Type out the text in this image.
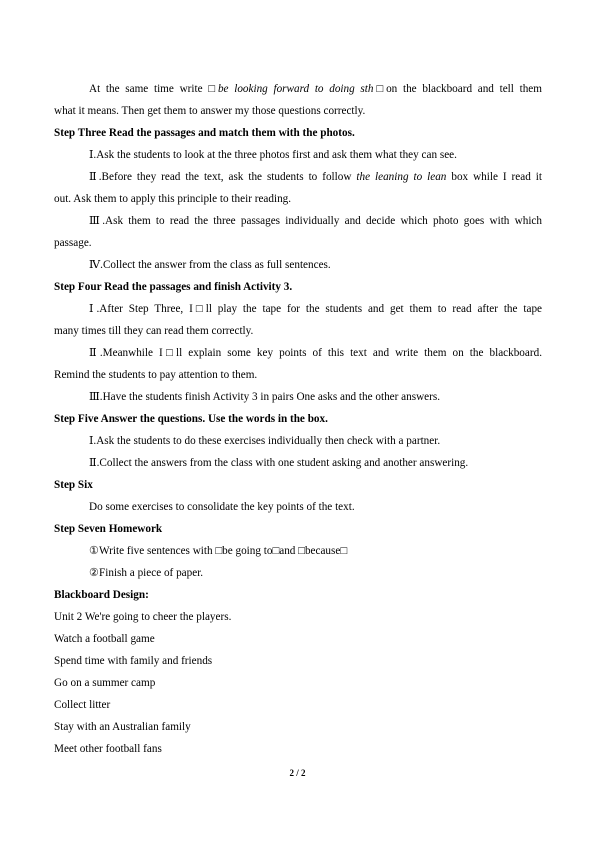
At the same time write □be looking forward to doing sth□on the blackboard and tell them
what it means. Then get them to answer my those questions correctly.
Step Three Read the passages and match them with the photos.
Ⅰ.Ask the students to look at the three photos first and ask them what they can see.
Ⅱ.Before they read the text, ask the students to follow the leaning to lean box while I read it
out. Ask them to apply this principle to their reading.
Ⅲ.Ask them to read the three passages individually and decide which photo goes with which
passage.
Ⅳ.Collect the answer from the class as full sentences.
Step Four Read the passages and finish Activity 3.
Ⅰ.After Step Three, I□ll play the tape for the students and get them to read after the tape
many times till they can read them correctly.
Ⅱ.Meanwhile I□ll explain some key points of this text and write them on the blackboard.
Remind the students to pay attention to them.
Ⅲ.Have the students finish Activity 3 in pairs One asks and the other answers.
Step Five Answer the questions. Use the words in the box.
Ⅰ.Ask the students to do these exercises individually then check with a partner.
Ⅱ.Collect the answers from the class with one student asking and another answering.
Step Six
Do some exercises to consolidate the key points of the text.
Step Seven Homework
①Write five sentences with □be going to□and □because□
②Finish a piece of paper.
Blackboard Design:
Unit 2 We're going to cheer the players.
Watch a football game
Spend time with family and friends
Go on a summer camp
Collect litter
Stay with an Australian family
Meet other football fans
2 / 2
